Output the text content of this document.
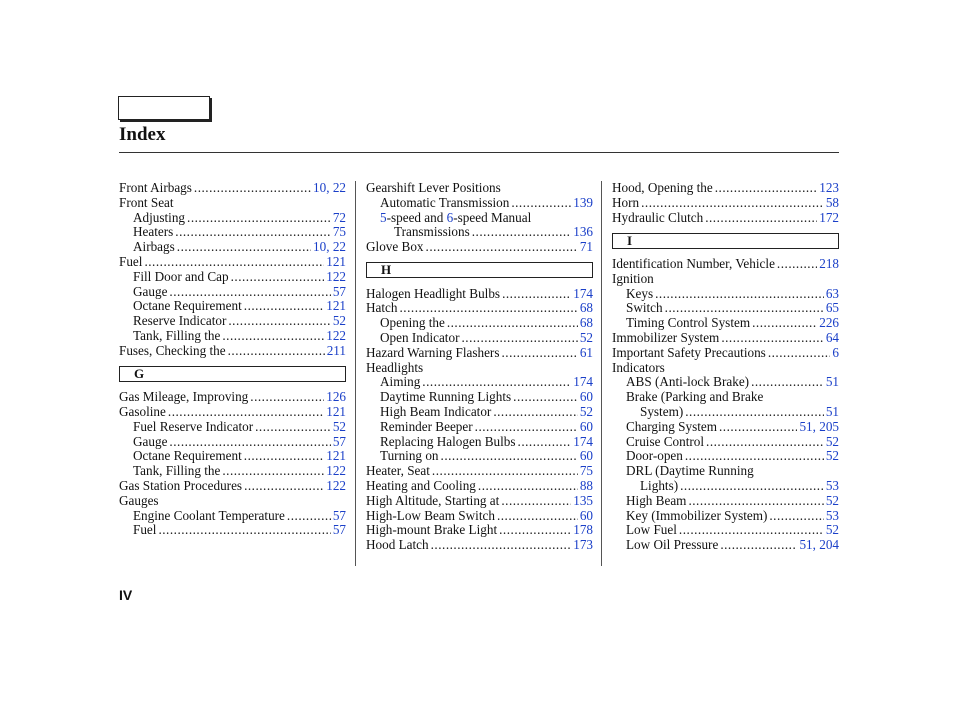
Index
Front Airbags .....	10, 22
Front Seat
Adjusting .....	72
Heaters .....	75
Airbags .....	10, 22
Fuel .....	121
Fill Door and Cap .....	122
Gauge .....	57
Octane Requirement .....	121
Reserve Indicator .....	52
Tank, Filling the .....	122
Fuses, Checking the .....	211
G
Gas Mileage, Improving .....	126
Gasoline .....	121
Fuel Reserve Indicator .....	52
Gauge .....	57
Octane Requirement .....	121
Tank, Filling the .....	122
Gas Station Procedures .....	122
Gauges
Engine Coolant Temperature .....	57
Fuel .....	57
Gearshift Lever Positions
Automatic Transmission .....	139
5-speed and 6-speed Manual
Transmissions .....	136
Glove Box .....	71
H
Halogen Headlight Bulbs .....	174
Hatch .....	68
Opening the .....	68
Open Indicator .....	52
Hazard Warning Flashers .....	61
Headlights
Aiming .....	174
Daytime Running Lights .....	60
High Beam Indicator .....	52
Reminder Beeper .....	60
Replacing Halogen Bulbs .....	174
Turning on .....	60
Heater, Seat .....	75
Heating and Cooling .....	88
High Altitude, Starting at .....	135
High-Low Beam Switch .....	60
High-mount Brake Light .....	178
Hood Latch .....	173
Hood, Opening the .....	123
Horn .....	58
Hydraulic Clutch .....	172
I
Identification Number, Vehicle .....	218
Ignition
Keys .....	63
Switch .....	65
Timing Control System .....	226
Immobilizer System .....	64
Important Safety Precautions .....	6
Indicators
ABS (Anti-lock Brake) .....	51
Brake (Parking and Brake
System) .....	51
Charging System .....	51, 205
Cruise Control .....	52
Door-open .....	52
DRL (Daytime Running
Lights) .....	53
High Beam .....	52
Key (Immobilizer System) .....	53
Low Fuel .....	52
Low Oil Pressure .....	51, 204
IV
